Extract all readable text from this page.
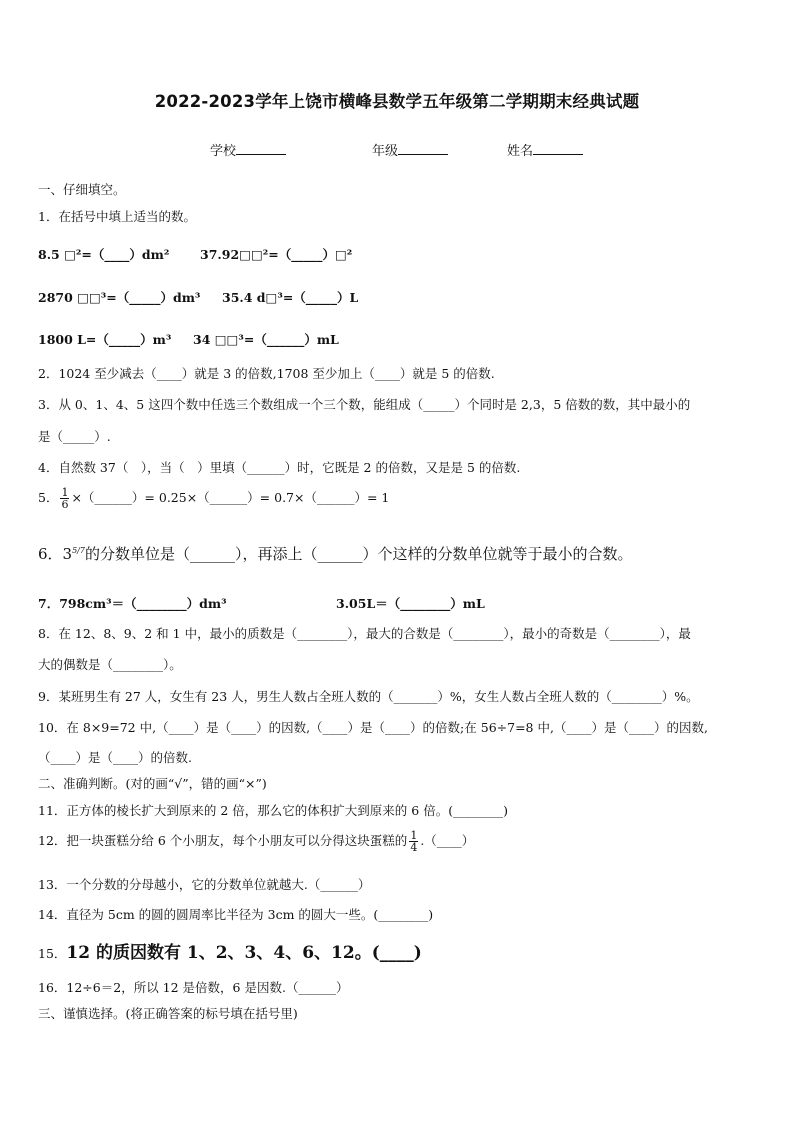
2022-2023学年上饶市横峰县数学五年级第二学期期末经典试题
学校	年级	姓名
一、仔细填空。
1．在括号中填上适当的数。
8.5 □²=（____）dm² 37.92□□²=（_____）□²
2870 □□³=（_____）dm³ 35.4 d□³=（_____）L
1800 L=（_____）m³ 34 □□³=（______）mL
2．1024 至少减去（____）就是 3 的倍数,1708 至少加上（____）就是 5 的倍数.
3．从 0、1、4、5 这四个数中任选三个数组成一个三个数，能组成（_____）个同时是 2,3，5 倍数的数，其中最小的
是（_____）.
4．自然数 37（　），当（　）里填（______）时，它既是 2 的倍数，又是是 5 的倍数.
5． $\frac{1}{6}$ ×（______）= 0.25×（______）= 0.7×（______）= 1
6．$3^{5/7}$的分数单位是（______），再添上（______）个这样的分数单位就等于最小的合数。
7．798cm³＝（________）dm³	3.05L＝（________）mL
8．在 12、8、9、2 和 1 中，最小的质数是（________），最大的合数是（________），最小的奇数是（________），最
大的偶数是（________）。
9．某班男生有 27 人，女生有 23 人，男生人数占全班人数的（_______）%，女生人数占全班人数的（________）%。
10．在 8×9=72 中,（____）是（____）的因数,（____）是（____）的倍数;在 56÷7=8 中,（____）是（____）的因数,
（____）是（____）的倍数.
二、准确判断。(对的画“√”，错的画“×”)
11．正方体的棱长扩大到原来的 2 倍，那么它的体积扩大到原来的 6 倍。(________)
12．把一块蛋糕分给 6 个小朋友，每个小朋友可以分得这块蛋糕的 $\frac{1}{4}$ .（____）
13．一个分数的分母越小，它的分数单位就越大.（______）
14．直径为 5cm 的圆的圆周率比半径为 3cm 的圆大一些。(________)
15．12 的质因数有 1、2、3、4、6、12。(____)
16．12÷6＝2，所以 12 是倍数，6 是因数.（______）
三、谨慎选择。(将正确答案的标号填在括号里)
